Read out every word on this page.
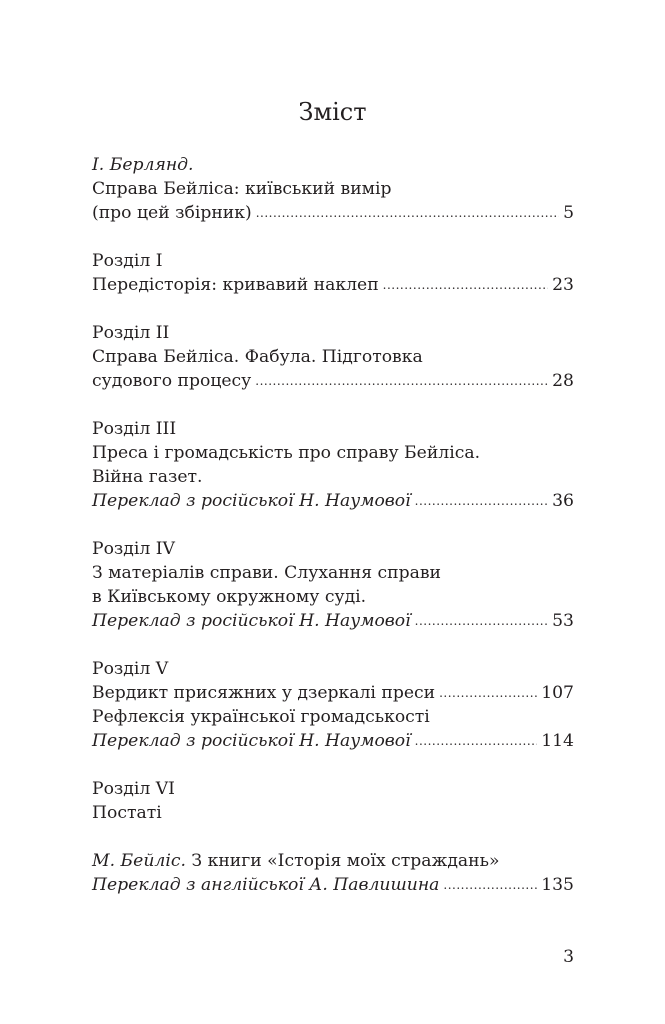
Зміст
І. Берлянд.
Справа Бейліса: київський вимір
(про цей збірник) .....	5
Розділ І
Передісторія: кривавий наклеп .....	23
Розділ ІІ
Справа Бейліса. Фабула. Підготовка
судового процесу .....	28
Розділ ІІІ
Преса і громадськість про справу Бейліса.
Війна газет.
Переклад з російської Н. Наумової .....	36
Розділ IV
З матеріалів справи. Слухання справи
в Київському окружному суді.
Переклад з російської Н. Наумової .....	53
Розділ V
Вердикт присяжних у дзеркалі преси .....	107
Рефлексія української громадськості
Переклад з російської Н. Наумової .....	114
Розділ VI
Постаті
М. Бейліс. З книги «Історія моїх страждань»
Переклад з англійської А. Павлишина .....	135
3
